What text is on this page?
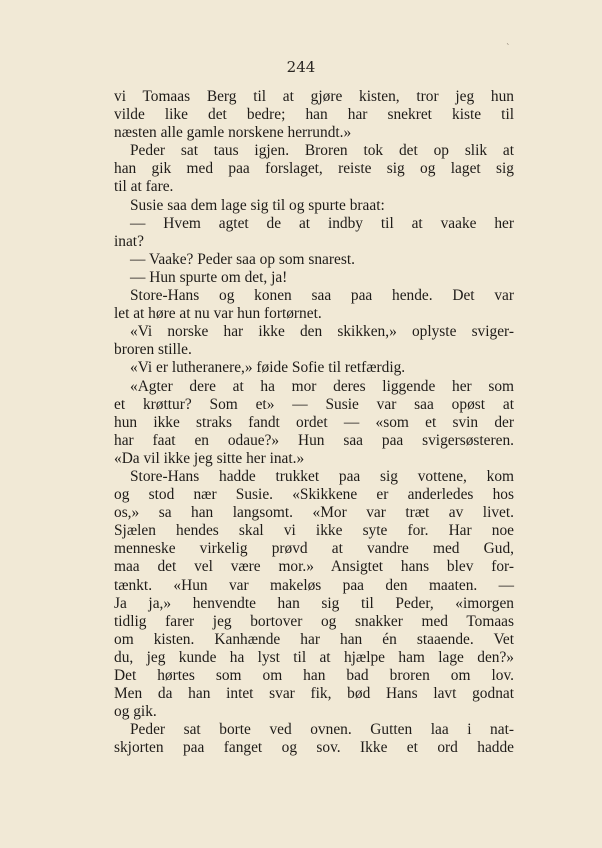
ˋ
244
vi Tomaas Berg til at gjøre kisten, tror jeg hun
vilde like det bedre; han har snekret kiste til
næsten alle gamle norskene herrundt.»
Peder sat taus igjen. Broren tok det op slik at
han gik med paa forslaget, reiste sig og laget sig
til at fare.
Susie saa dem lage sig til og spurte braat:
— Hvem agtet de at indby til at vaake her
inat?
— Vaake? Peder saa op som snarest.
— Hun spurte om det, ja!
Store-Hans og konen saa paa hende. Det var
let at høre at nu var hun fortørnet.
«Vi norske har ikke den skikken,» oplyste sviger-
broren stille.
«Vi er lutheranere,» føide Sofie til retfærdig.
«Agter dere at ha mor deres liggende her som
et krøttur? Som et» — Susie var saa opøst at
hun ikke straks fandt ordet — «som et svin der
har faat en odaue?» Hun saa paa svigersøsteren.
«Da vil ikke jeg sitte her inat.»
Store-Hans hadde trukket paa sig vottene, kom
og stod nær Susie. «Skikkene er anderledes hos
os,» sa han langsomt. «Mor var træt av livet.
Sjælen hendes skal vi ikke syte for. Har noe
menneske virkelig prøvd at vandre med Gud,
maa det vel være mor.» Ansigtet hans blev for-
tænkt. «Hun var makeløs paa den maaten. —
Ja ja,» henvendte han sig til Peder, «imorgen
tidlig farer jeg bortover og snakker med Tomaas
om kisten. Kanhænde har han én staaende. Vet
du, jeg kunde ha lyst til at hjælpe ham lage den?»
Det hørtes som om han bad broren om lov.
Men da han intet svar fik, bød Hans lavt godnat
og gik.
Peder sat borte ved ovnen. Gutten laa i nat-
skjorten paa fanget og sov. Ikke et ord hadde
